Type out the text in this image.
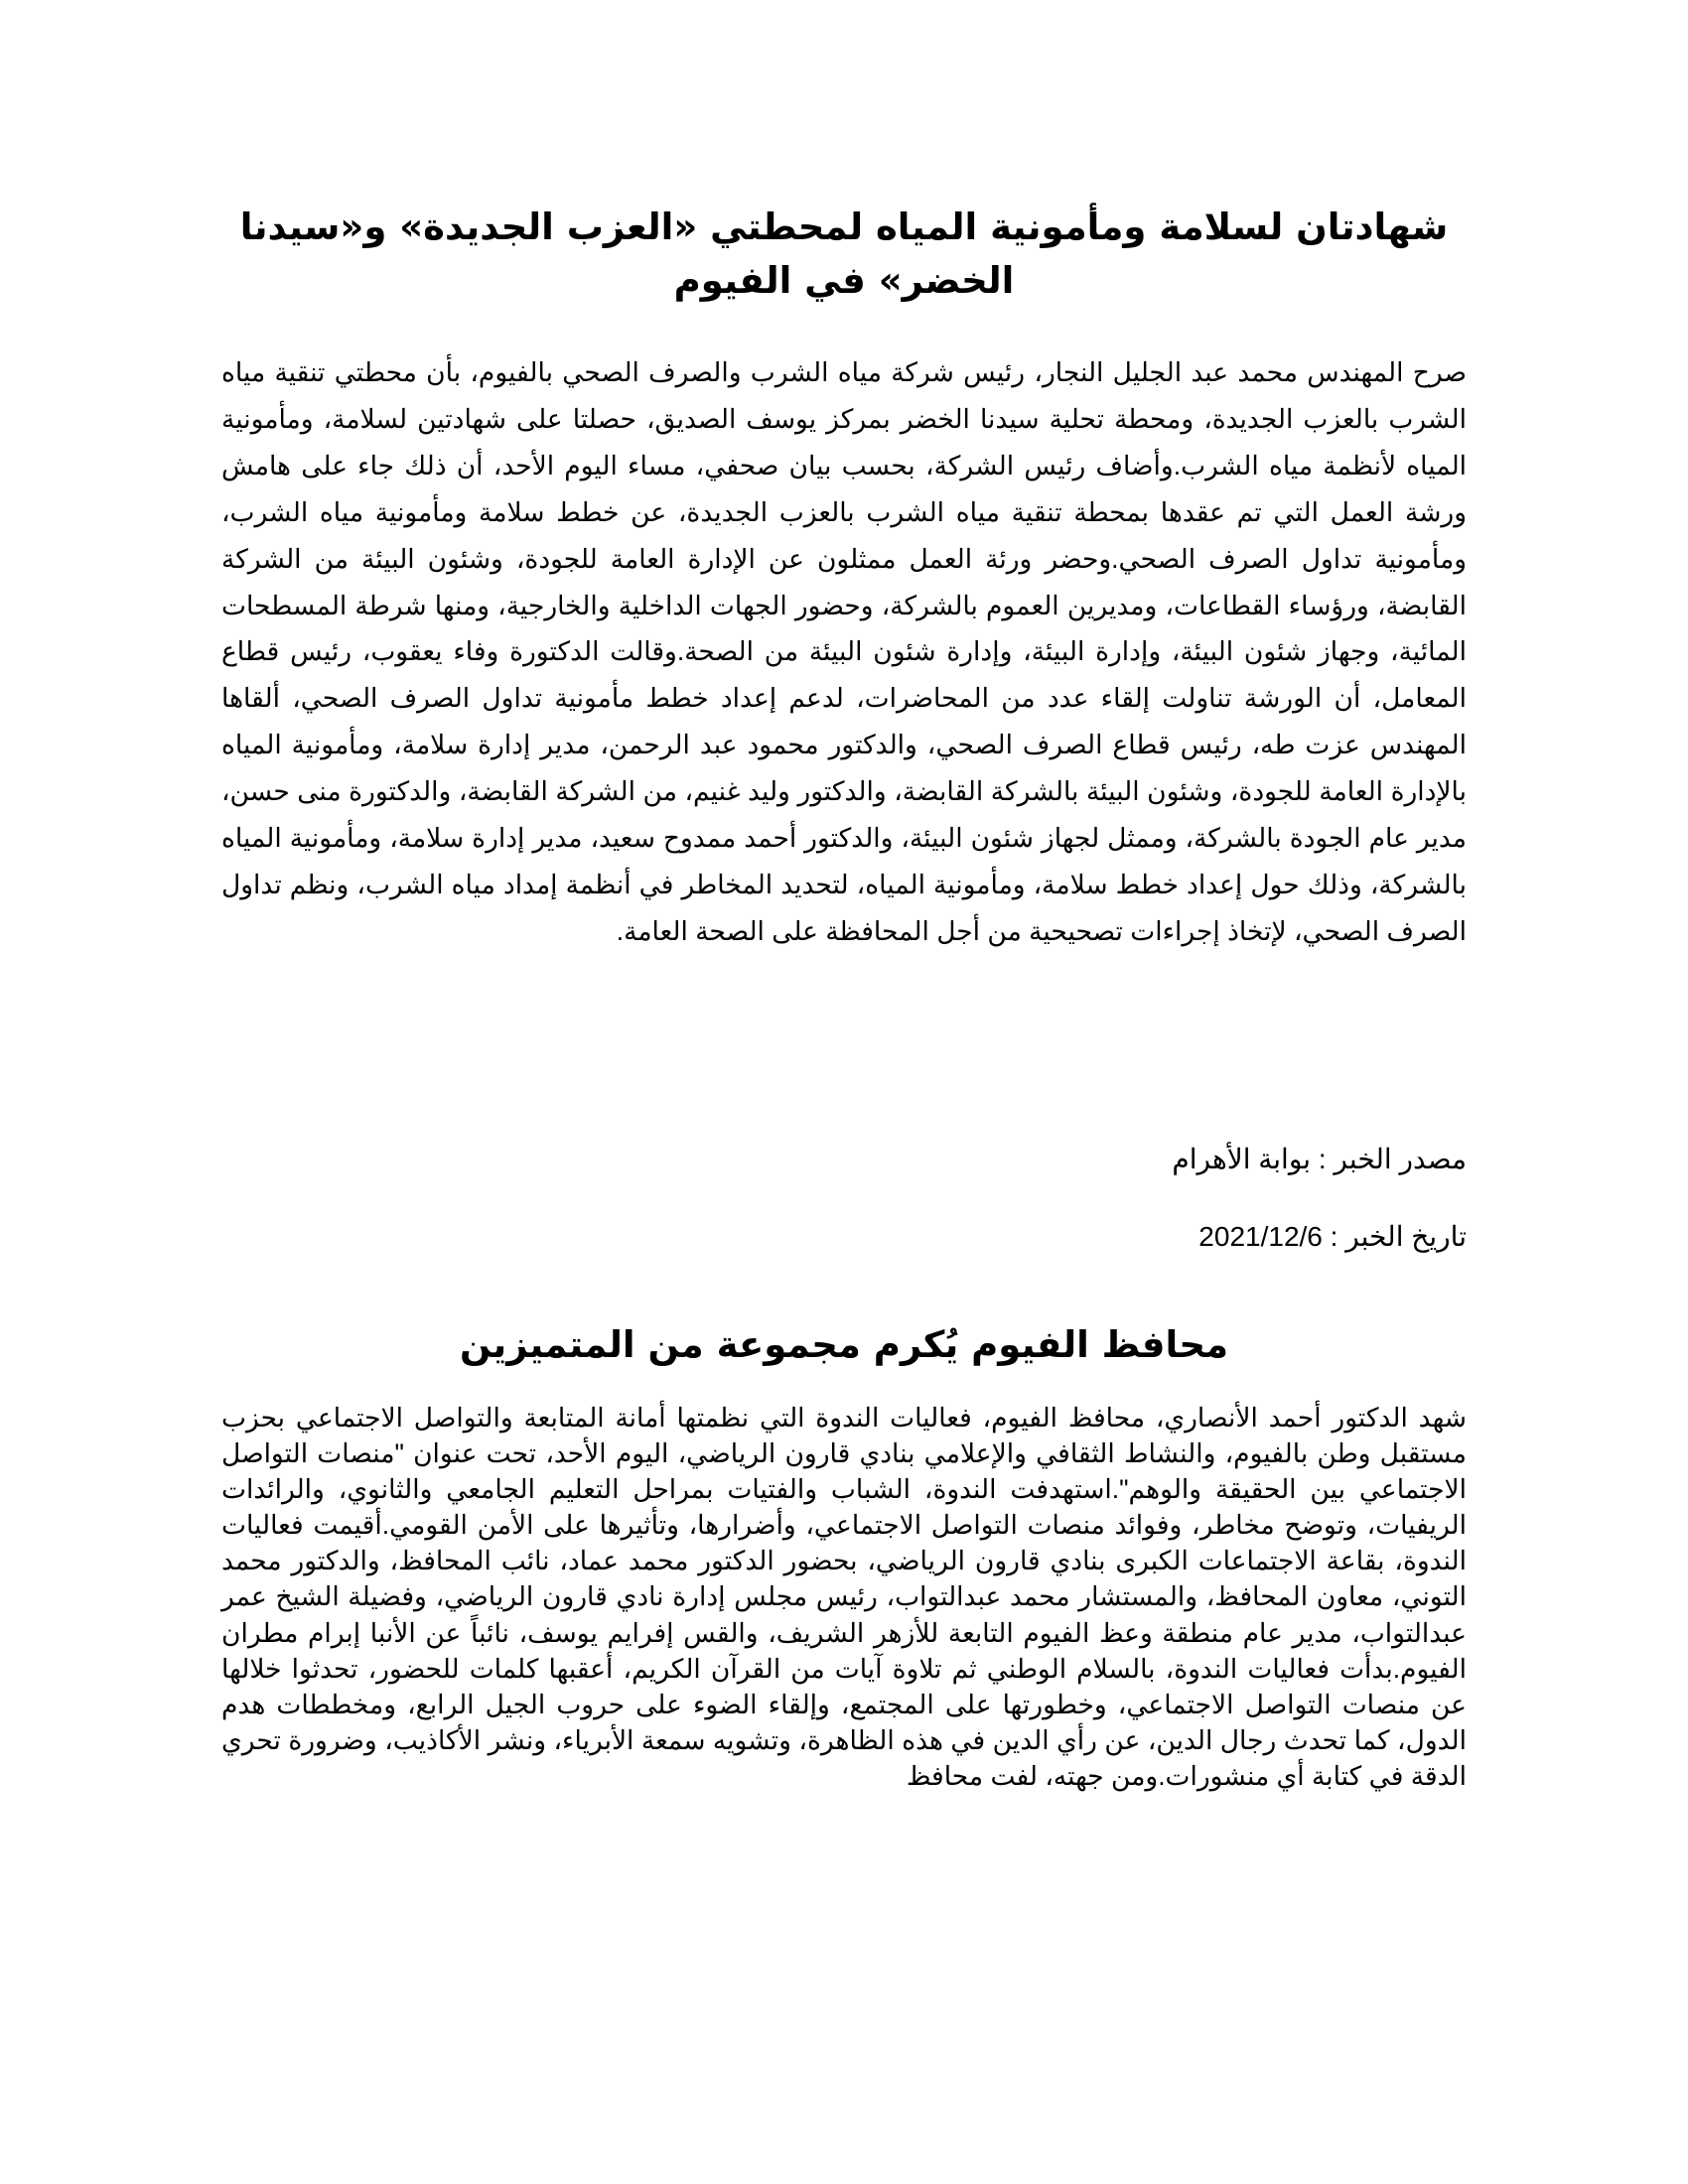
شهادتان لسلامة ومأمونية المياه لمحطتي «العزب الجديدة» و«سيدنا الخضر» في الفيوم

صرح المهندس محمد عبد الجليل النجار، رئيس شركة مياه الشرب والصرف الصحي بالفيوم، بأن محطتي تنقية مياه الشرب بالعزب الجديدة، ومحطة تحلية سيدنا الخضر بمركز يوسف الصديق، حصلتا على شهادتين لسلامة، ومأمونية المياه لأنظمة مياه الشرب.وأضاف رئيس الشركة، بحسب بيان صحفي، مساء اليوم الأحد، أن ذلك جاء على هامش ورشة العمل التي تم عقدها بمحطة تنقية مياه الشرب بالعزب الجديدة، عن خطط سلامة ومأمونية مياه الشرب، ومأمونية تداول الصرف الصحي.وحضر ورئة العمل ممثلون عن الإدارة العامة للجودة، وشئون البيئة من الشركة القابضة، ورؤساء القطاعات، ومديرين العموم بالشركة، وحضور الجهات الداخلية والخارجية، ومنها شرطة المسطحات المائية، وجهاز شئون البيئة، وإدارة البيئة، وإدارة شئون البيئة من الصحة.وقالت الدكتورة وفاء يعقوب، رئيس قطاع المعامل، أن الورشة تناولت إلقاء عدد من المحاضرات، لدعم إعداد خطط مأمونية تداول الصرف الصحي، ألقاها المهندس عزت طه، رئيس قطاع الصرف الصحي، والدكتور محمود عبد الرحمن، مدير إدارة سلامة، ومأمونية المياه بالإدارة العامة للجودة، وشئون البيئة بالشركة القابضة، والدكتور وليد غنيم، من الشركة القابضة، والدكتورة منى حسن، مدير عام الجودة بالشركة، وممثل لجهاز شئون البيئة، والدكتور أحمد ممدوح سعيد، مدير إدارة سلامة، ومأمونية المياه بالشركة، وذلك حول إعداد خطط سلامة، ومأمونية المياه، لتحديد المخاطر في أنظمة إمداد مياه الشرب، ونظم تداول الصرف الصحي، لإتخاذ إجراءات تصحيحية من أجل المحافظة على الصحة العامة.

مصدر الخبر : بوابة الأهرام

تاريخ الخبر : 2021/12/6

محافظ الفيوم يُكرم مجموعة من المتميزين

شهد الدكتور أحمد الأنصاري، محافظ الفيوم، فعاليات الندوة التي نظمتها أمانة المتابعة والتواصل الاجتماعي بحزب مستقبل وطن بالفيوم، والنشاط الثقافي والإعلامي بنادي قارون الرياضي، اليوم الأحد، تحت عنوان "منصات التواصل الاجتماعي بين الحقيقة والوهم".استهدفت الندوة، الشباب والفتيات بمراحل التعليم الجامعي والثانوي، والرائدات الريفيات، وتوضح مخاطر، وفوائد منصات التواصل الاجتماعي، وأضرارها، وتأثيرها على الأمن القومي.أقيمت فعاليات الندوة، بقاعة الاجتماعات الكبرى بنادي قارون الرياضي، بحضور الدكتور محمد عماد، نائب المحافظ، والدكتور محمد التوني، معاون المحافظ، والمستشار محمد عبدالتواب، رئيس مجلس إدارة نادي قارون الرياضي، وفضيلة الشيخ عمر عبدالتواب، مدير عام منطقة وعظ الفيوم التابعة للأزهر الشريف، والقس إفرايم يوسف، نائباً عن الأنبا إبرام مطران الفيوم.بدأت فعاليات الندوة، بالسلام الوطني ثم تلاوة آيات من القرآن الكريم، أعقبها كلمات للحضور، تحدثوا خلالها عن منصات التواصل الاجتماعي، وخطورتها على المجتمع، وإلقاء الضوء على حروب الجيل الرابع، ومخططات هدم الدول، كما تحدث رجال الدين، عن رأي الدين في هذه الظاهرة، وتشويه سمعة الأبرياء، ونشر الأكاذيب، وضرورة تحري الدقة في كتابة أي منشورات.ومن جهته، لفت محافظ
